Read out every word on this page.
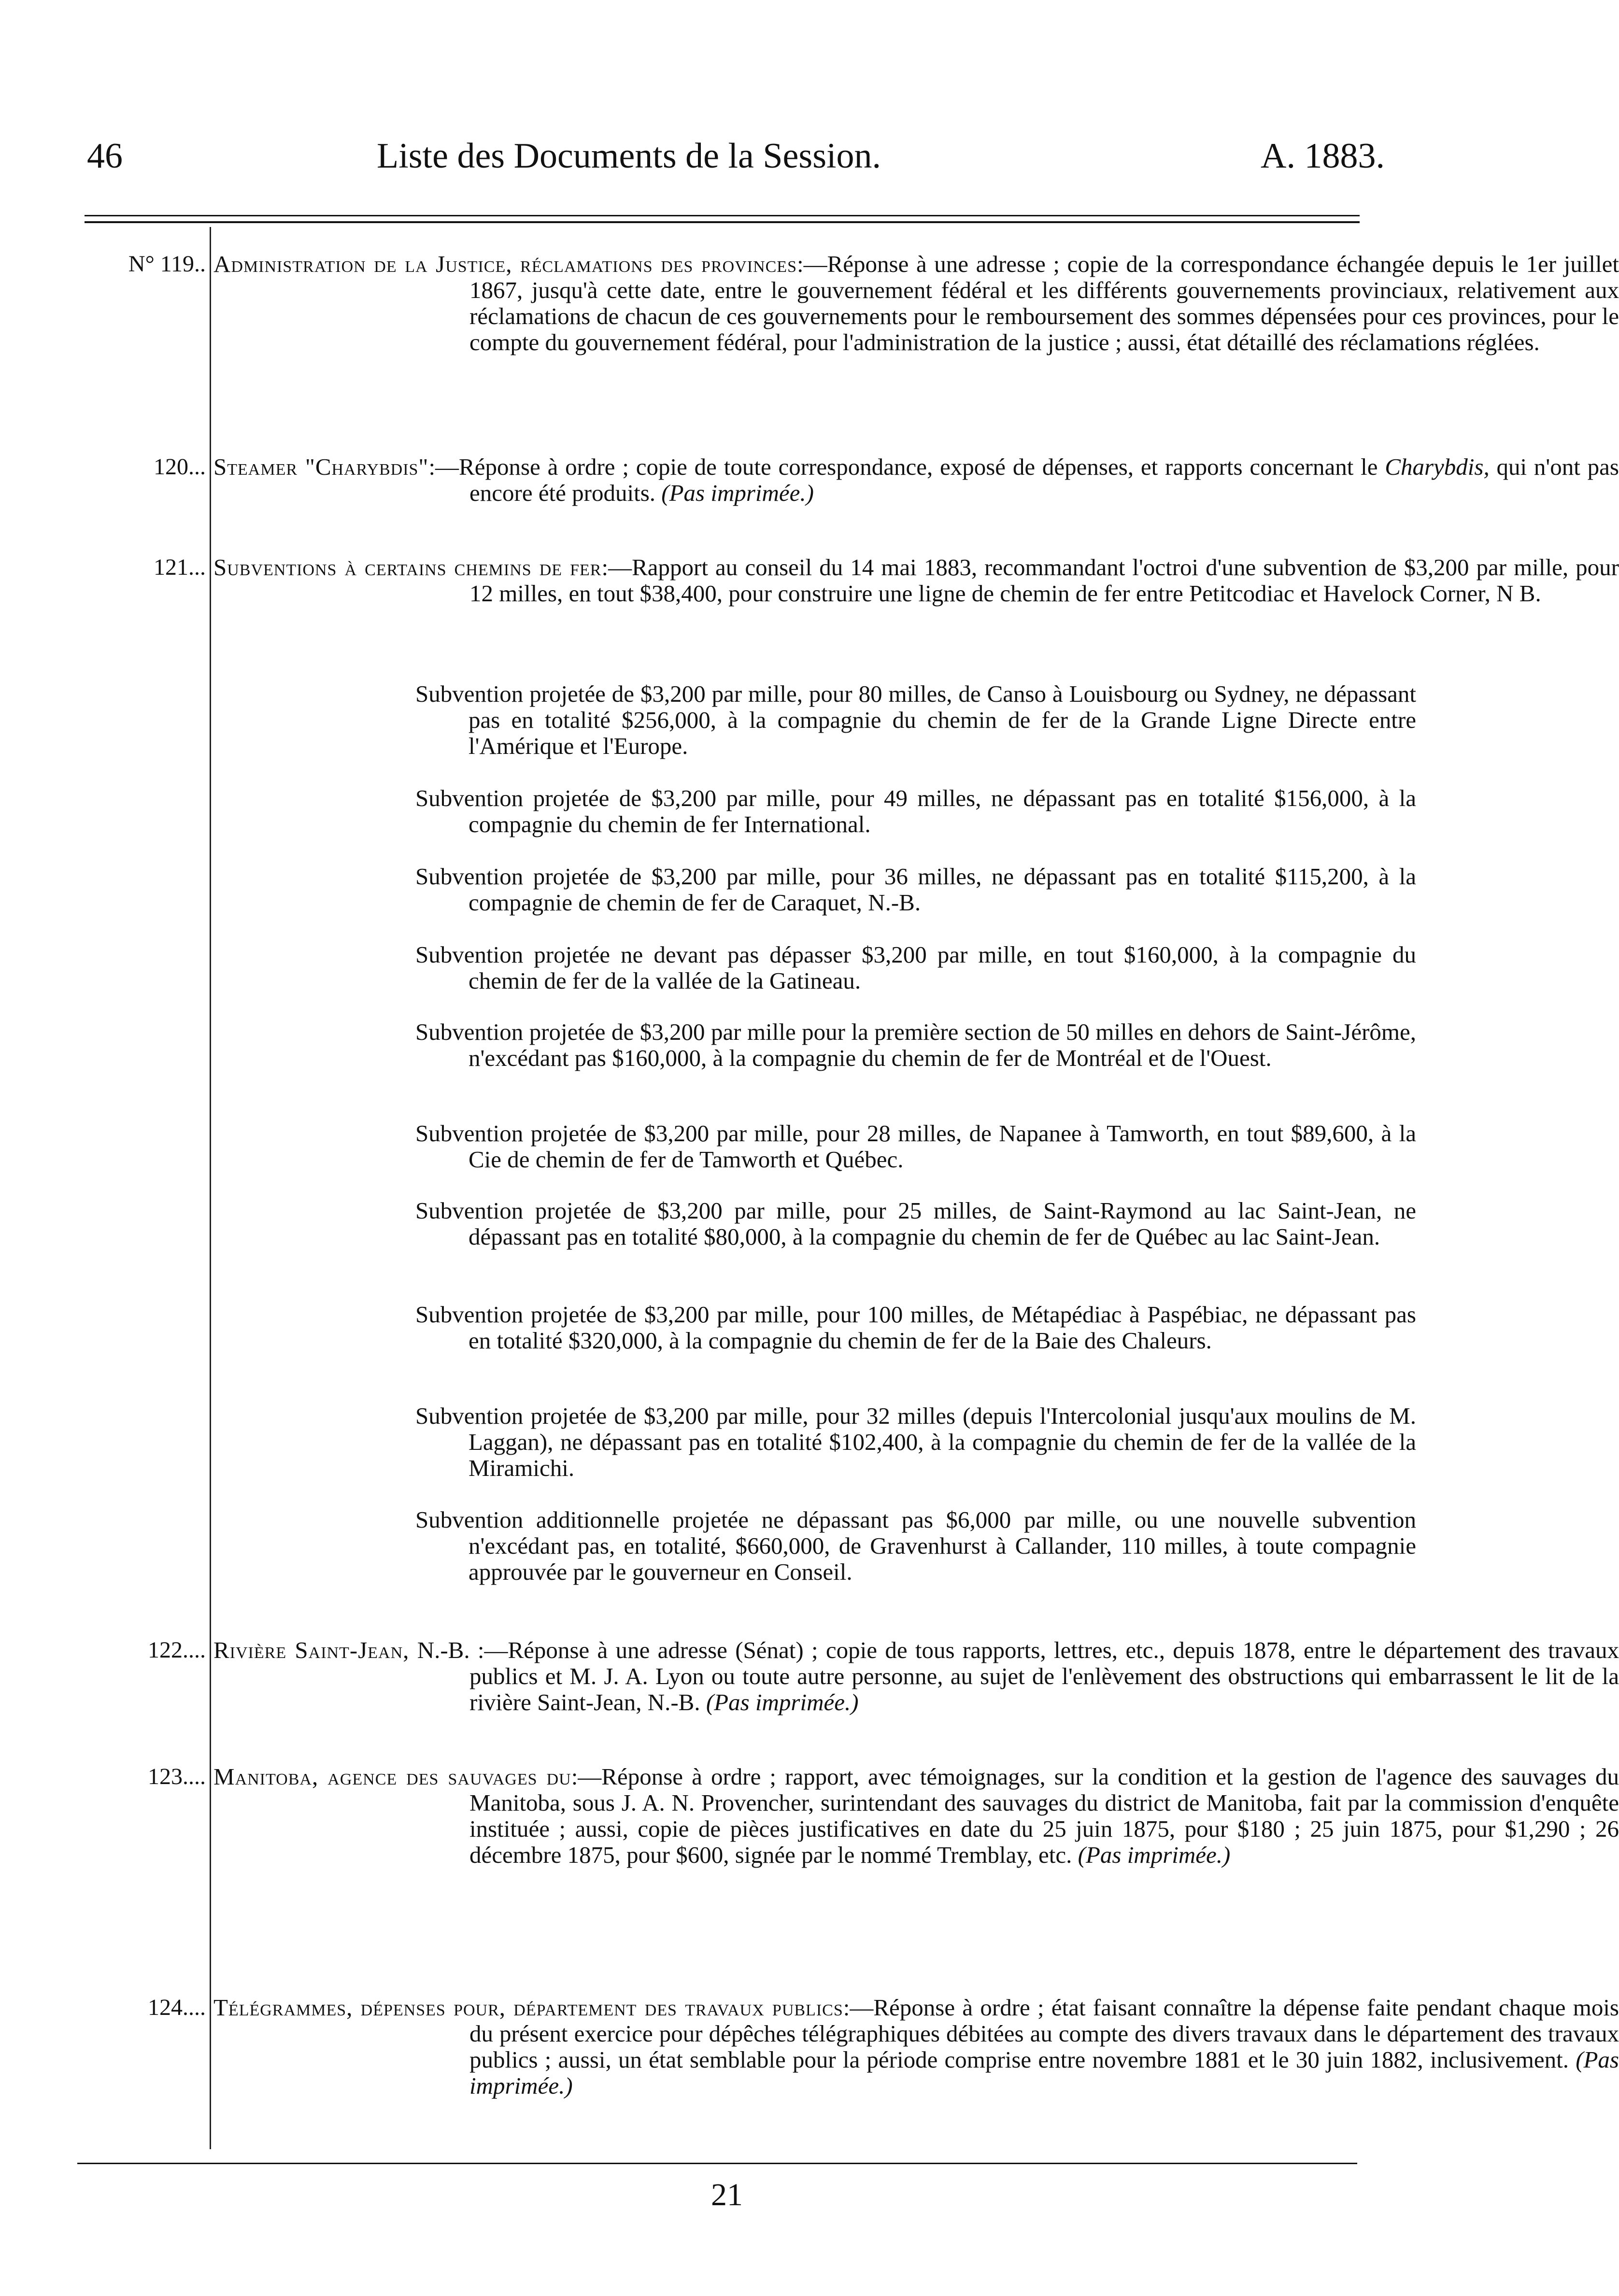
46	Liste des Documents de la Session.	A. 1883.
N° 119.. Administration de la Justice, réclamations des provinces:—Réponse à une adresse ; copie de la correspondance échangée depuis le 1er juillet 1867, jusqu'à cette date, entre le gouvernement fédéral et les différents gouvernements provinciaux, relativement aux réclamations de chacun de ces gouvernements pour le remboursement des sommes dépensées pour ces provinces, pour le compte du gouvernement fédéral, pour l'administration de la justice ; aussi, état détaillé des réclamations réglées.
120... Steamer "Charybdis":—Réponse à ordre ; copie de toute correspondance, exposé de dépenses, et rapports concernant le Charybdis, qui n'ont pas encore été produits. (Pas imprimée.)
121... Subventions à certains chemins de fer:—Rapport au conseil du 14 mai 1883, recommandant l'octroi d'une subvention de $3,200 par mille, pour 12 milles, en tout $38,400, pour construire une ligne de chemin de fer entre Petitcodiac et Havelock Corner, N B.
Subvention projetée de $3,200 par mille, pour 80 milles, de Canso à Louisbourg ou Sydney, ne dépassant pas en totalité $256,000, à la compagnie du chemin de fer de la Grande Ligne Directe entre l'Amérique et l'Europe.
Subvention projetée de $3,200 par mille, pour 49 milles, ne dépassant pas en totalité $156,000, à la compagnie du chemin de fer International.
Subvention projetée de $3,200 par mille, pour 36 milles, ne dépassant pas en totalité $115,200, à la compagnie de chemin de fer de Caraquet, N.-B.
Subvention projetée ne devant pas dépasser $3,200 par mille, en tout $160,000, à la compagnie du chemin de fer de la vallée de la Gatineau.
Subvention projetée de $3,200 par mille pour la première section de 50 milles en dehors de Saint-Jérôme, n'excédant pas $160,000, à la compagnie du chemin de fer de Montréal et de l'Ouest.
Subvention projetée de $3,200 par mille, pour 28 milles, de Napanee à Tamworth, en tout $89,600, à la Cie de chemin de fer de Tamworth et Québec.
Subvention projetée de $3,200 par mille, pour 25 milles, de Saint-Raymond au lac Saint-Jean, ne dépassant pas en totalité $80,000, à la compagnie du chemin de fer de Québec au lac Saint-Jean.
Subvention projetée de $3,200 par mille, pour 100 milles, de Métapédiac à Paspébiac, ne dépassant pas en totalité $320,000, à la compagnie du chemin de fer de la Baie des Chaleurs.
Subvention projetée de $3,200 par mille, pour 32 milles (depuis l'Intercolonial jusqu'aux moulins de M. Laggan), ne dépassant pas en totalité $102,400, à la compagnie du chemin de fer de la vallée de la Miramichi.
Subvention additionnelle projetée ne dépassant pas $6,000 par mille, ou une nouvelle subvention n'excédant pas, en totalité, $660,000, de Gravenhurst à Callander, 110 milles, à toute compagnie approuvée par le gouverneur en Conseil.
122.... Rivière Saint-Jean, N.-B. :—Réponse à une adresse (Sénat) ; copie de tous rapports, lettres, etc., depuis 1878, entre le département des travaux publics et M. J. A. Lyon ou toute autre personne, au sujet de l'enlèvement des obstructions qui embarrassent le lit de la rivière Saint-Jean, N.-B. (Pas imprimée.)
123.... Manitoba, agence des sauvages du:—Réponse à ordre ; rapport, avec témoignages, sur la condition et la gestion de l'agence des sauvages du Manitoba, sous J. A. N. Provencher, surintendant des sauvages du district de Manitoba, fait par la commission d'enquête instituée ; aussi, copie de pièces justificatives en date du 25 juin 1875, pour $180 ; 25 juin 1875, pour $1,290 ; 26 décembre 1875, pour $600, signée par le nommé Tremblay, etc. (Pas imprimée.)
124.... Télégrammes, dépenses pour, département des travaux publics:—Réponse à ordre ; état faisant connaître la dépense faite pendant chaque mois du présent exercice pour dépêches télégraphiques débitées au compte des divers travaux dans le département des travaux publics ; aussi, un état semblable pour la période comprise entre novembre 1881 et le 30 juin 1882, inclusivement. (Pas imprimée.)
21
